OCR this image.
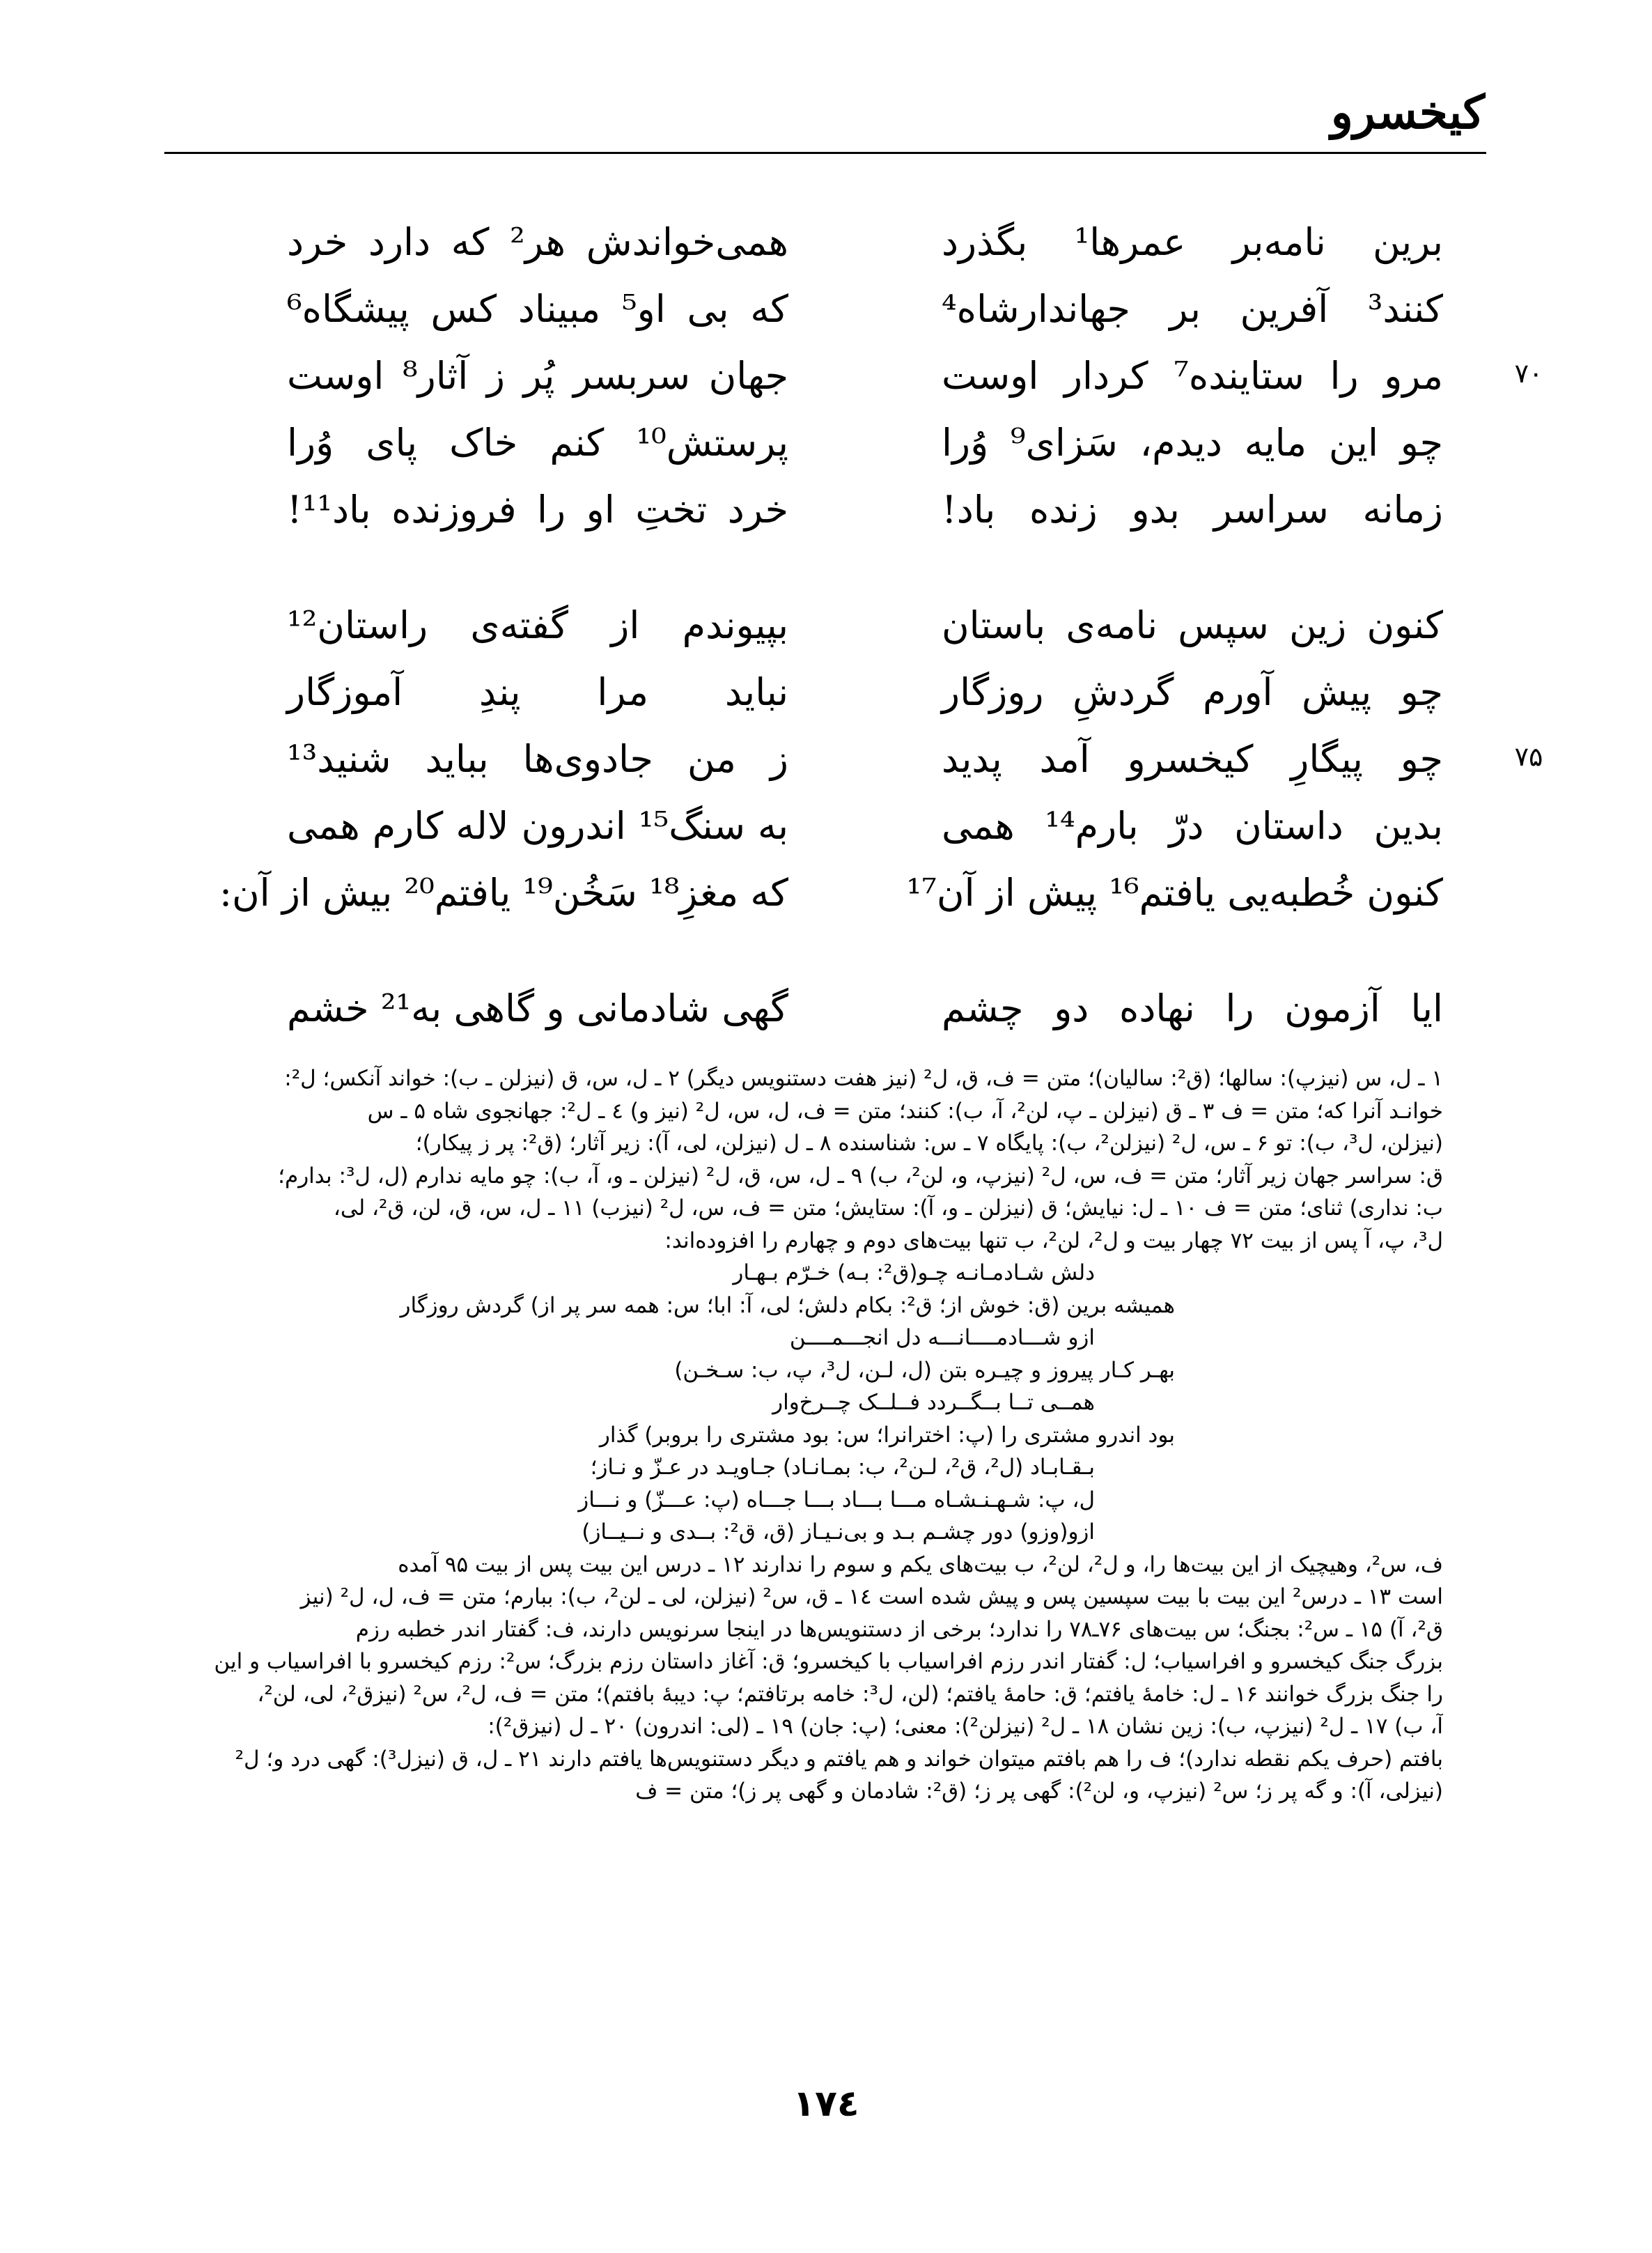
کیخسرو
برین نامه‌بر عمرها¹ بگذرد
همی‌خواندش هر² که دارد خرد
کنند³ آفرین بر جهاندارشاه⁴
که بی او⁵ مبیناد کس پیشگاه⁶
۷۰
مرو را ستاینده⁷ کردار اوست
جهان سربسر پُر ز آثار⁸ اوست
چو این مایه دیدم، سَزای⁹ وُرا
پرستش¹⁰ کنم خاک پای وُرا
زمانه سراسر بدو زنده باد!
خرد تختِ او را فروزنده باد¹¹!
کنون زین سپس نامه‌ی باستان
بپیوندم از گفته‌ی راستان¹²
چو پیش آورم گردشِ روزگار
نباید مرا پندِ آموزگار
۷۵
چو پیگارِ کیخسرو آمد پدید
ز من جادوی‌ها بباید شنید¹³
بدین داستان درّ بارم¹⁴ همی
به سنگ¹⁵ اندرون لاله کارم همی
کنون خُطبه‌یی یافتم¹⁶ پیش از آن¹⁷
که مغزِ¹⁸ سَخُن¹⁹ یافتم²⁰ بیش از آن:
ایا آزمون را نهاده دو چشم
گهی شادمانی و گاهی به²¹ خشم
۱ ـ ل، س (نیزپ): سالها؛ (ق²: سالیان)؛ متن = ف، ق، ل² (نیز هفت دستنویس دیگر) ۲ ـ ل، س، ق (نیزلن ـ ب): خواند آنکس؛ ل²:
خوانـد آنرا که؛ متن = ف ۳ ـ ق (نیزلن ـ پ، لن²، آ، ب): کنند؛ متن = ف، ل، س، ل² (نیز و) ٤ ـ ل²: جهانجوی شاه ۵ ـ س
(نیزلن، ل³، ب): تو ۶ ـ س، ل² (نیزلن²، ب): پایگاه ۷ ـ س: شناسنده ۸ ـ ل (نیزلن، لی، آ): زیر آثار؛ (ق²: پر ز پیکار)؛
ق: سراسر جهان زیر آثار؛ متن = ف، س، ل² (نیزپ، و، لن²، ب) ۹ ـ ل، س، ق، ل² (نیزلن ـ و، آ، ب): چو مایه ندارم (ل، ل³: بدارم؛
ب: نداری) ثنای؛ متن = ف ۱۰ ـ ل: نیایش؛ ق (نیزلن ـ و، آ): ستایش؛ متن = ف، س، ل² (نیزب) ۱۱ ـ ل، س، ق، لن، ق²، لی،
ل³، پ، آ پس از بیت ۷۲ چهار بیت و ل²، لن²، ب تنها بیت‌های دوم و چهارم را افزوده‌اند:
دلش شـادمـانـه چـو(ق²: بـه) خـرّم بـهـار
همیشه برین (ق: خوش از؛ ق²: بکام دلش؛ لی، آ: ابا؛ س: همه سر پر از) گردش روزگار
ازو شـــادمــــانـــه دل انجـــمــــن
بهـر کـار پیروز و چیـره بتن (ل، لـن، ل³، پ، ب: سـخـن)
همــی تــا بــگــردد فــلــک چــرخ‌وار
بود اندرو مشتری را (پ: اختر‌انرا؛ س: بود مشتری را بروبر) گذار
بـقـابـاد (ل²، ق²، لـن²، ب: بمـانـاد) جـاویـد در عـزّ و نـاز؛
ل، پ: شـهـنـشـاه مـــا بـــاد بـــا جـــاه (پ: عـــزّ) و نـــاز
ازو(وزو) دور چشـم بـد و بی‌نـیـاز (ق، ق²: بــدی و نــیــاز)
ف، س²، وهیچیک از این بیت‌ها را، و ل²، لن²، ب بیت‌های یکم و سوم را ندارند ۱۲ ـ درس این بیت پس از بیت ۹۵ آمده
است ۱۳ ـ درس² این بیت با بیت سپسین پس و پیش شده است ١٤ ـ ق، س² (نیزلن، لی ـ لن²، ب): ببارم؛ متن = ف، ل، ل² (نیز
ق²، آ) ۱۵ ـ س²: بجنگ؛ س بیت‌های ۷۶ـ۷۸ را ندارد؛ برخی از دستنویس‌ها در اینجا سرنویس دارند، ف: گفتار اندر خطبه رزم
بزرگ جنگ کیخسرو و افراسیاب؛ ل: گفتار اندر رزم افراسیاب با کیخسرو؛ ق: آغاز داستان رزم بزرگ؛ س²: رزم کیخسرو با افراسیاب و این
را جنگ بزرگ خوانند ۱۶ ـ ل: خامهٔ یافتم؛ ق: حامهٔ یافتم؛ (لن، ل³: خامه برتافتم؛ پ: دیبهٔ بافتم)؛ متن = ف، ل²، س² (نیزق²، لی، لن²،
آ، ب) ۱۷ ـ ل² (نیزپ، ب): زین نشان ۱۸ ـ ل² (نیزلن²): معنی؛ (پ: جان) ۱۹ ـ (لی: اندرون) ۲۰ ـ ل (نیزق²):
بافتم (حرف یکم نقطه ندارد)؛ ف را هم بافتم میتوان خواند و هم یافتم و دیگر دستنویس‌ها یافتم دارند ۲۱ ـ ل، ق (نیزل³): گهی درد و؛ ل²
(نیزلی، آ): و گه پر ز؛ س² (نیزپ، و، لن²): گهی پر ز؛ (ق²: شادمان و گهی پر ز)؛ متن = ف
١٧٤
